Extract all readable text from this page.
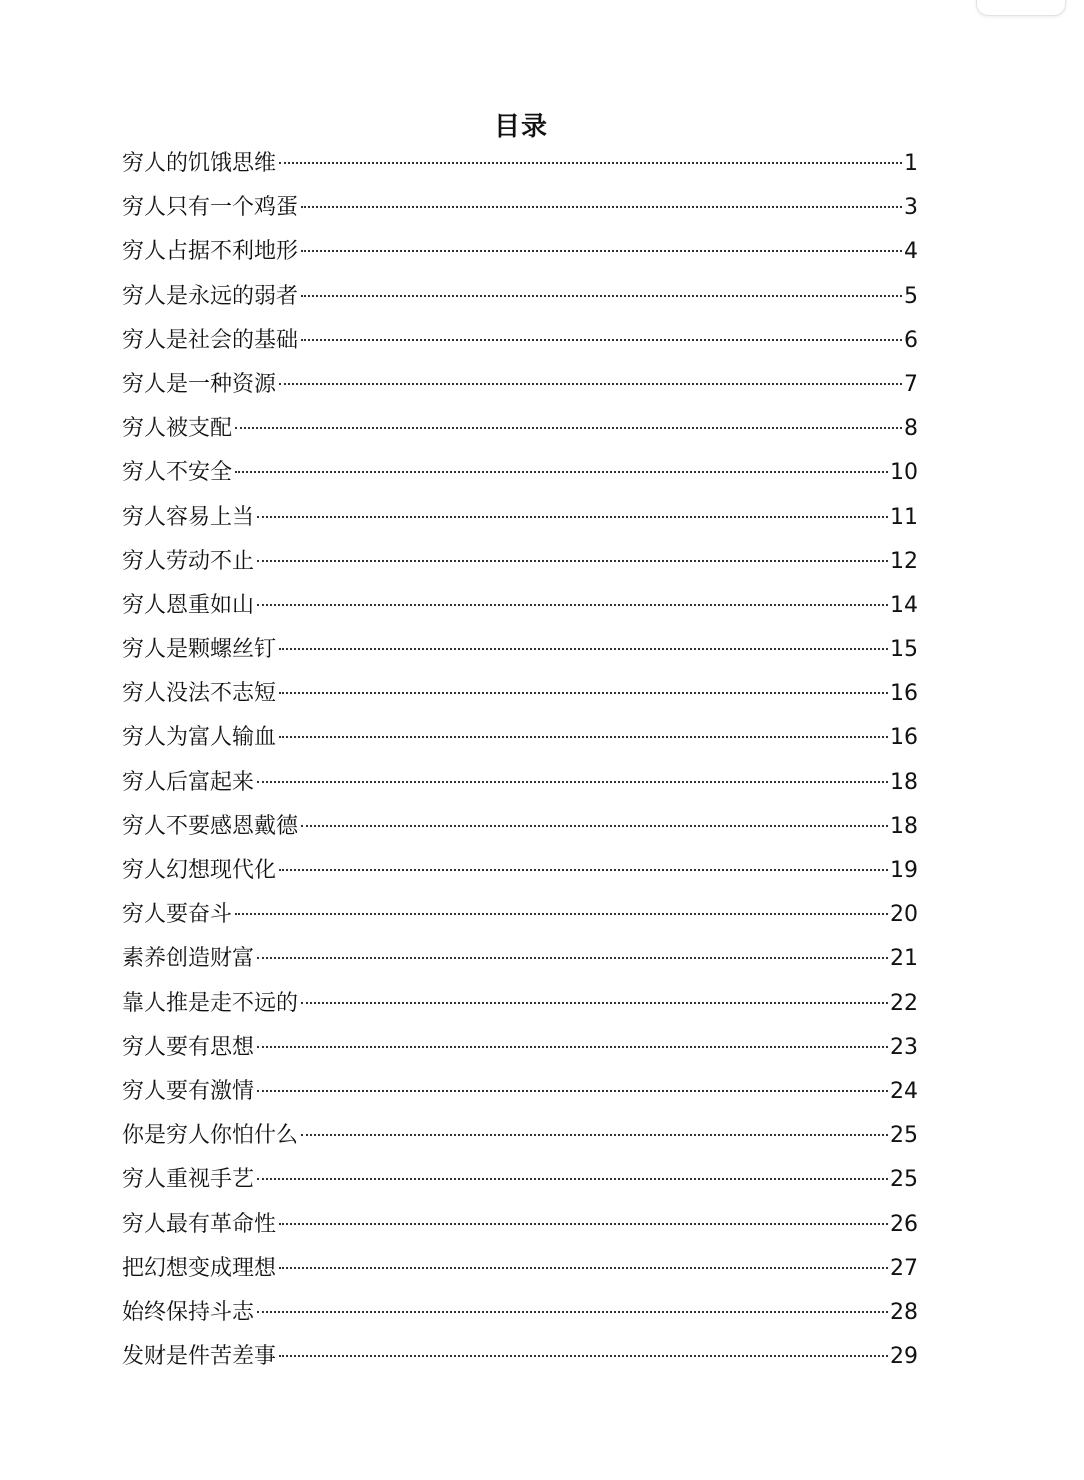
目录
穷人的饥饿思维	1
穷人只有一个鸡蛋	3
穷人占据不利地形	4
穷人是永远的弱者	5
穷人是社会的基础	6
穷人是一种资源	7
穷人被支配	8
穷人不安全	10
穷人容易上当	11
穷人劳动不止	12
穷人恩重如山	14
穷人是颗螺丝钉	15
穷人没法不志短	16
穷人为富人输血	16
穷人后富起来	18
穷人不要感恩戴德	18
穷人幻想现代化	19
穷人要奋斗	20
素养创造财富	21
靠人推是走不远的	22
穷人要有思想	23
穷人要有激情	24
你是穷人你怕什么	25
穷人重视手艺	25
穷人最有革命性	26
把幻想变成理想	27
始终保持斗志	28
发财是件苦差事	29
